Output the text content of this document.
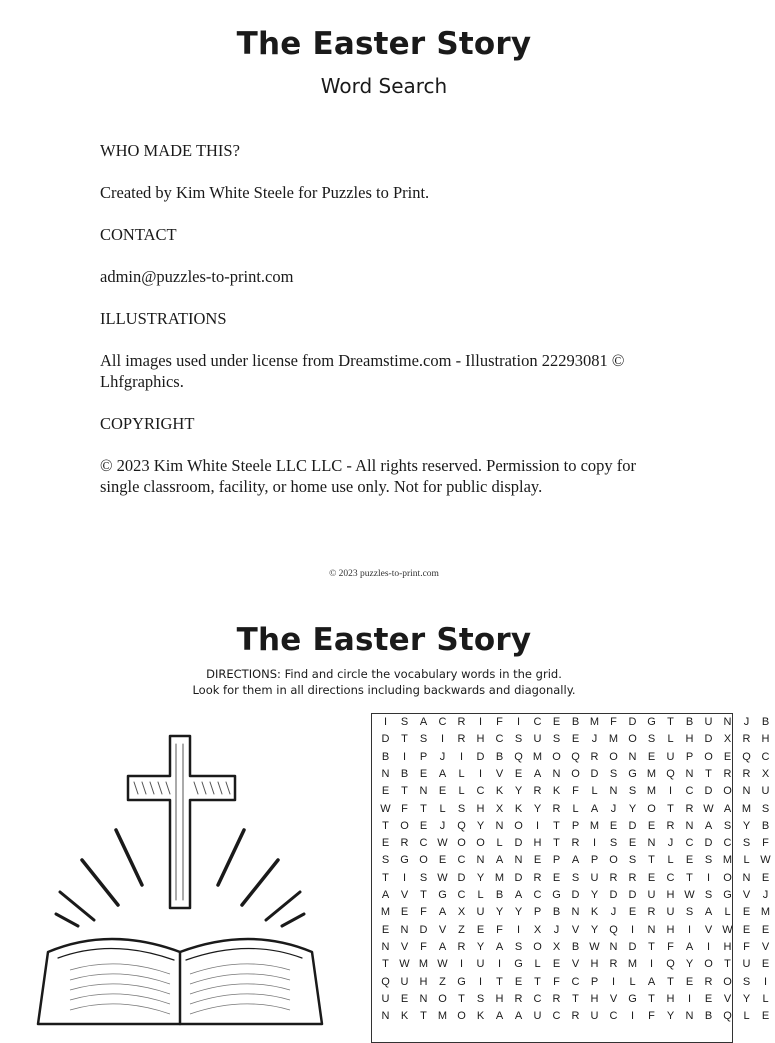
The Easter Story
Word Search

WHO MADE THIS?

Created by Kim White Steele for Puzzles to Print.

CONTACT

admin@puzzles-to-print.com

ILLUSTRATIONS

All images used under license from Dreamstime.com - Illustration 22293081 © Lhfgraphics.

COPYRIGHT

© 2023 Kim White Steele LLC LLC - All rights reserved. Permission to copy for single classroom, facility, or home use only. Not for public display.

© 2023 puzzles-to-print.com
The Easter Story
DIRECTIONS: Find and circle the vocabulary words in the grid.
Look for them in all directions including backwards and diagonally.
I	S	A	C	R	I	F	I	C	E	B M	F	D G	T	B	U	N	J	B
D	T	S	I	R	H	C	S	U	S	E	J	M O	S	L	H	D	X	R	H
B	I	P	J	I	D	B	Q M O Q R O N	E	U	P	O	E	Q C
N	B	E	A	L	I	V	E	A	N O D	S	G M Q N	T	R	R	X
E	T	N	E	L	C	K	Y	R	K	F	L	N	S M	I	C	D O N	U
W F	T	L	S	H	X	K	Y	R	L	A	J	Y	O	T	R W A M S
T	O	E	J	Q	Y	N O	I	T	P M E	D	E	R	N	A	S	Y	B
E	R	C W O O	L	D	H	T	R	I	S	E	N	J	C	D	C	S	F
S	G O	E	C	N	A	N	E	P	A	P	O	S	T	L	E	S M	L W
T	I	S W D	Y M D	R	E	S	U	R	R	E	C	T	I	O N	E
A	V	T	G C	L	B	A	C G D	Y	D	D	U	H W S	G	V	J
M E	F	A	X	U	Y	Y	P	B	N	K	J	E	R	U	S	A	L	E M
E	N	D	V	Z	E	F	I	X	J	V	Y	Q	I	N	H	I	V W E	E
N	V	F	A	R	Y	A	S	O	X	B W N	D	T	F	A	I	H	F	V
T W M W	I	U	I	G	L	E	V	H	R M	I	Q	Y	O	T	U	E
Q U	H	Z	G	I	T	E	T	F	C	P	I	L	A	T	E	R O	S	I
U	E	N O	T	S	H	R	C	R	T	H	V	G	T	H	I	E	V	Y	L
N	K	T	M O	K	A	A	U	C	R	U	C	I	F	Y	N	B	Q	L	E
